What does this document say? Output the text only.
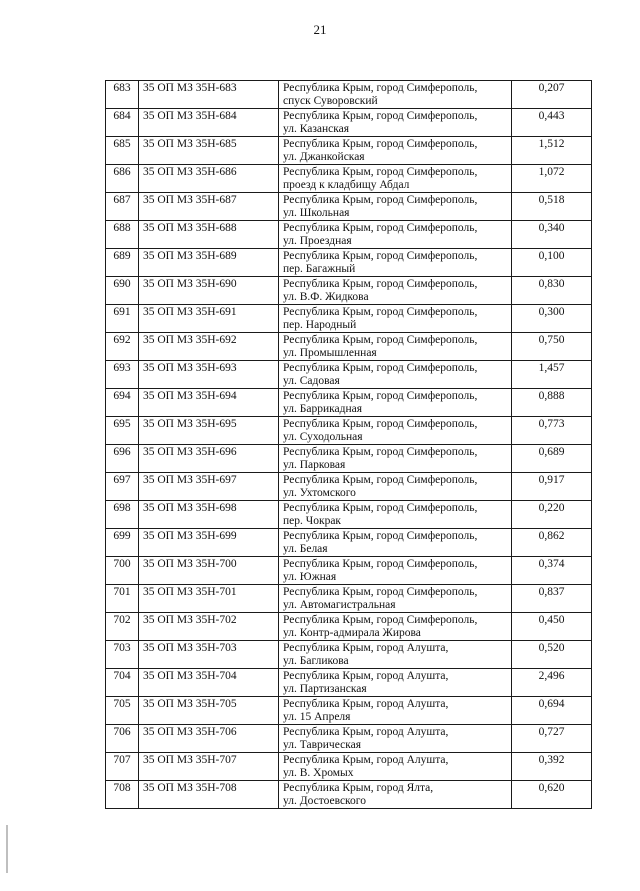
21
683	35 ОП МЗ 35Н-683	Республика Крым, город Симферополь,
спуск Суворовский	0,207
684	35 ОП МЗ 35Н-684	Республика Крым, город Симферополь,
ул. Казанская	0,443
685	35 ОП МЗ 35Н-685	Республика Крым, город Симферополь,
ул. Джанкойская	1,512
686	35 ОП МЗ 35Н-686	Республика Крым, город Симферополь,
проезд к кладбищу Абдал	1,072
687	35 ОП МЗ 35Н-687	Республика Крым, город Симферополь,
ул. Школьная	0,518
688	35 ОП МЗ 35Н-688	Республика Крым, город Симферополь,
ул. Проездная	0,340
689	35 ОП МЗ 35Н-689	Республика Крым, город Симферополь,
пер. Багажный	0,100
690	35 ОП МЗ 35Н-690	Республика Крым, город Симферополь,
ул. В.Ф. Жидкова	0,830
691	35 ОП МЗ 35Н-691	Республика Крым, город Симферополь,
пер. Народный	0,300
692	35 ОП МЗ 35Н-692	Республика Крым, город Симферополь,
ул. Промышленная	0,750
693	35 ОП МЗ 35Н-693	Республика Крым, город Симферополь,
ул. Садовая	1,457
694	35 ОП МЗ 35Н-694	Республика Крым, город Симферополь,
ул. Баррикадная	0,888
695	35 ОП МЗ 35Н-695	Республика Крым, город Симферополь,
ул. Суходольная	0,773
696	35 ОП МЗ 35Н-696	Республика Крым, город Симферополь,
ул. Парковая	0,689
697	35 ОП МЗ 35Н-697	Республика Крым, город Симферополь,
ул. Ухтомского	0,917
698	35 ОП МЗ 35Н-698	Республика Крым, город Симферополь,
пер. Чокрак	0,220
699	35 ОП МЗ 35Н-699	Республика Крым, город Симферополь,
ул. Белая	0,862
700	35 ОП МЗ 35Н-700	Республика Крым, город Симферополь,
ул. Южная	0,374
701	35 ОП МЗ 35Н-701	Республика Крым, город Симферополь,
ул. Автомагистральная	0,837
702	35 ОП МЗ 35Н-702	Республика Крым, город Симферополь,
ул. Контр-адмирала Жирова	0,450
703	35 ОП МЗ 35Н-703	Республика Крым, город Алушта,
ул. Багликова	0,520
704	35 ОП МЗ 35Н-704	Республика Крым, город Алушта,
ул. Партизанская	2,496
705	35 ОП МЗ 35Н-705	Республика Крым, город Алушта,
ул. 15 Апреля	0,694
706	35 ОП МЗ 35Н-706	Республика Крым, город Алушта,
ул. Таврическая	0,727
707	35 ОП МЗ 35Н-707	Республика Крым, город Алушта,
ул. В. Хромых	0,392
708	35 ОП МЗ 35Н-708	Республика Крым, город Ялта,
ул. Достоевского	0,620
